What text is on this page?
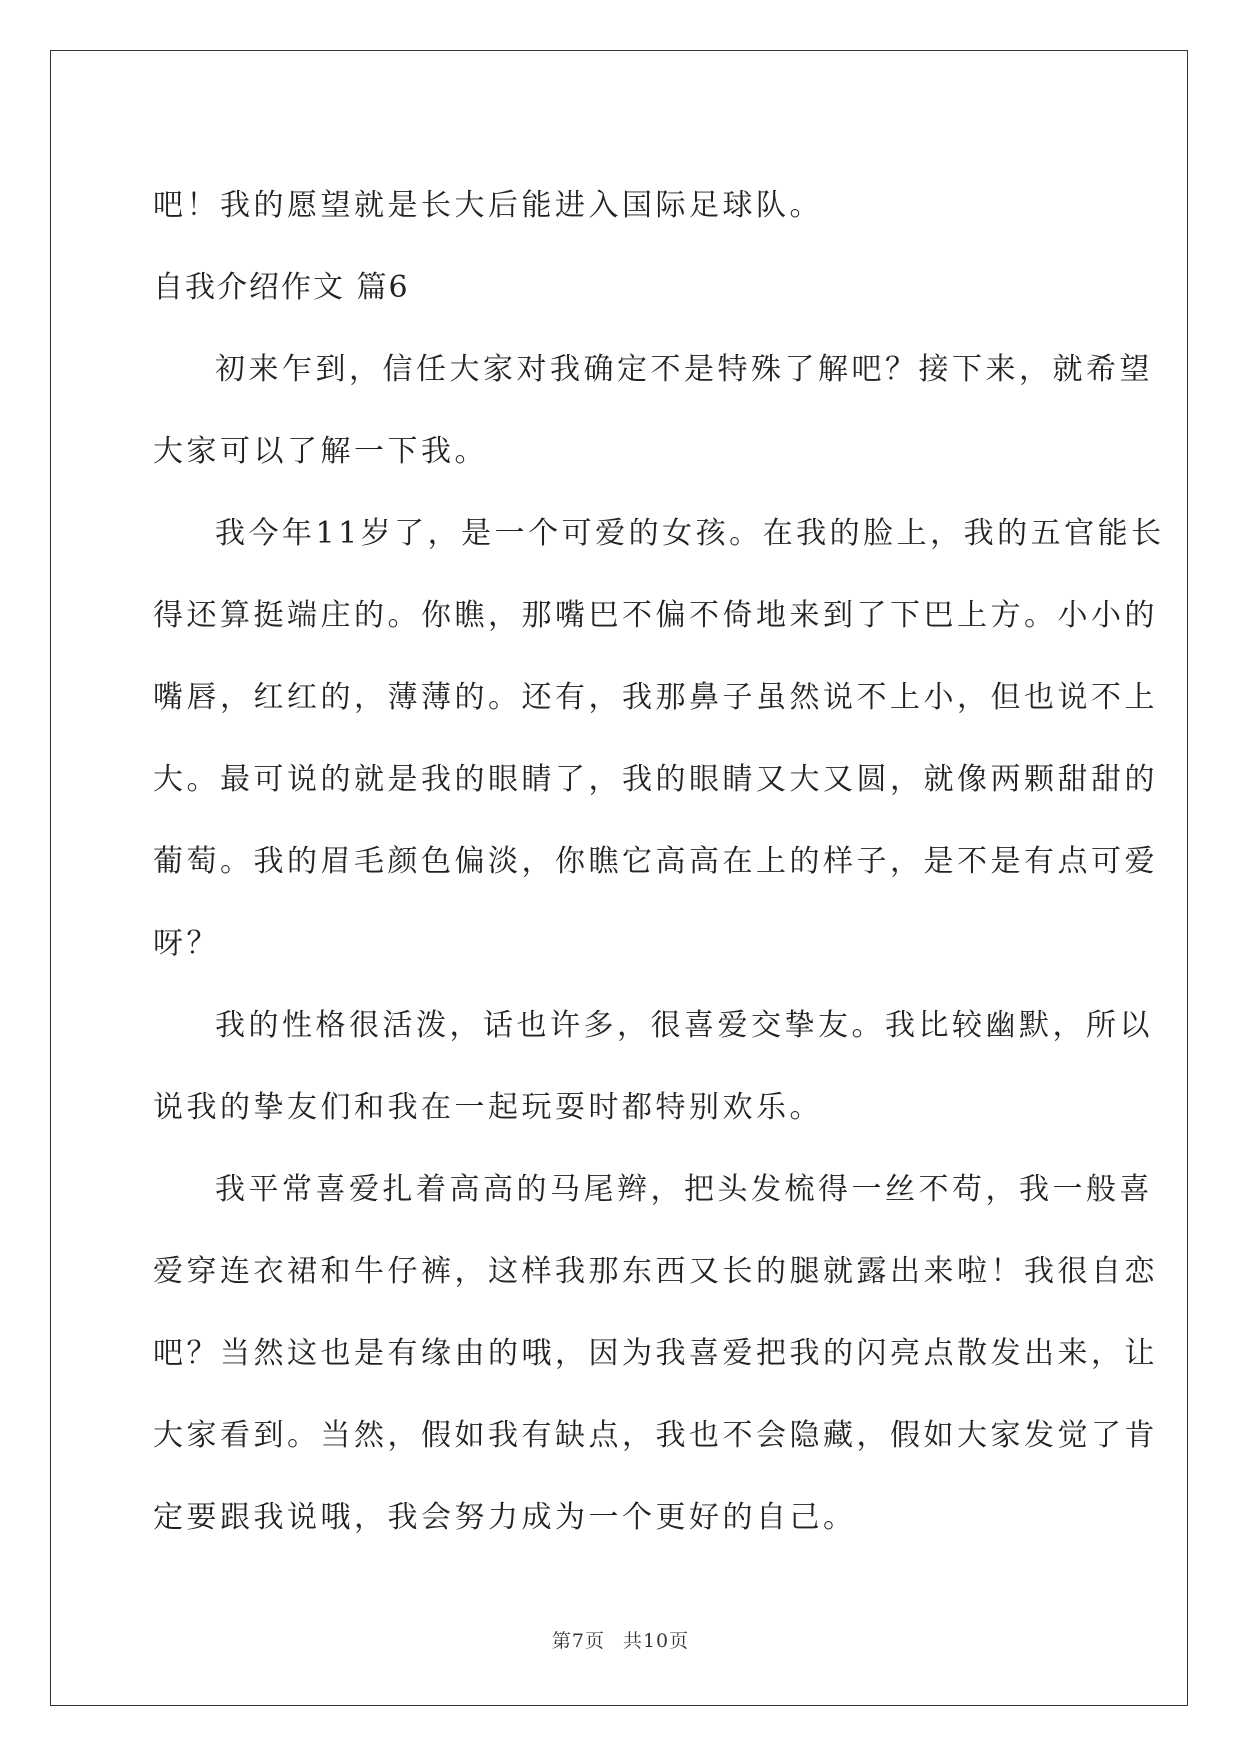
吧！我的愿望就是长大后能进入国际足球队。
自我介绍作文 篇6
初来乍到，信任大家对我确定不是特殊了解吧？接下来，就希望
大家可以了解一下我。
我今年11岁了，是一个可爱的女孩。在我的脸上，我的五官能长
得还算挺端庄的。你瞧，那嘴巴不偏不倚地来到了下巴上方。小小的
嘴唇，红红的，薄薄的。还有，我那鼻子虽然说不上小，但也说不上
大。最可说的就是我的眼睛了，我的眼睛又大又圆，就像两颗甜甜的
葡萄。我的眉毛颜色偏淡，你瞧它高高在上的样子，是不是有点可爱
呀？
我的性格很活泼，话也许多，很喜爱交挚友。我比较幽默，所以
说我的挚友们和我在一起玩耍时都特别欢乐。
我平常喜爱扎着高高的马尾辫，把头发梳得一丝不苟，我一般喜
爱穿连衣裙和牛仔裤，这样我那东西又长的腿就露出来啦！我很自恋
吧？当然这也是有缘由的哦，因为我喜爱把我的闪亮点散发出来，让
大家看到。当然，假如我有缺点，我也不会隐藏，假如大家发觉了肯
定要跟我说哦，我会努力成为一个更好的自己。
第7页 共10页
